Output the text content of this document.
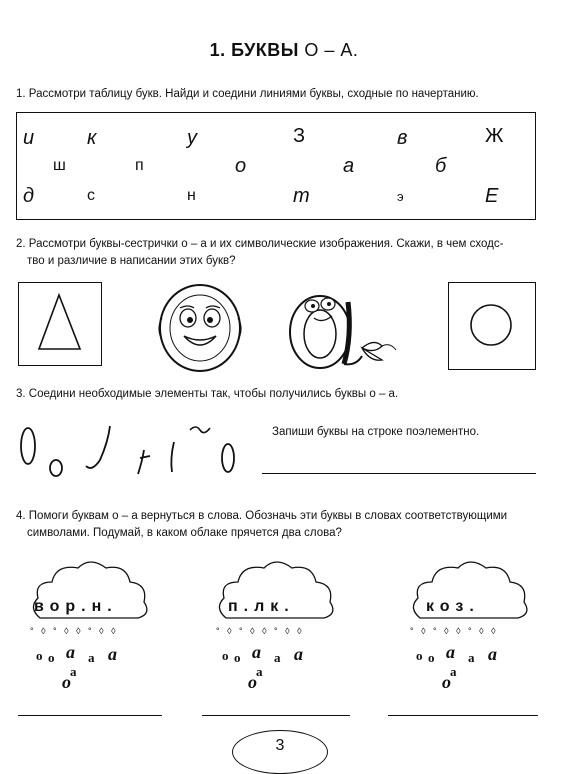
1. БУКВЫ О – А.
1. Рассмотри таблицу букв. Найди и соедини линиями буквы, сходные по начертанию.
и	к	у	З	в	Ж
ш	п	о	а	б
д	с	н	т	э	Е
2. Рассмотри буквы-сестрички о – а и их символические изображения. Скажи, в чем сходс-
тво и различие в написании этих букв?
3. Соедини необходимые элементы так, чтобы получились буквы о – а.
Запиши буквы на строке поэлементно.
4. Помоги буквам о – а вернуться в слова. Обозначь эти буквы в словах соответствующими
символами. Подумай, в каком облаке прячется два слова?
вор.н.
°   ◊   °   ◊   ◊   °   ◊   ◊
о о а а а
а
о
п.лк.
°   ◊   °   ◊   ◊   °   ◊   ◊
о о а а а
а
о
коз.
°   ◊   °   ◊   ◊   °   ◊   ◊
о о а а а
а
о
3
